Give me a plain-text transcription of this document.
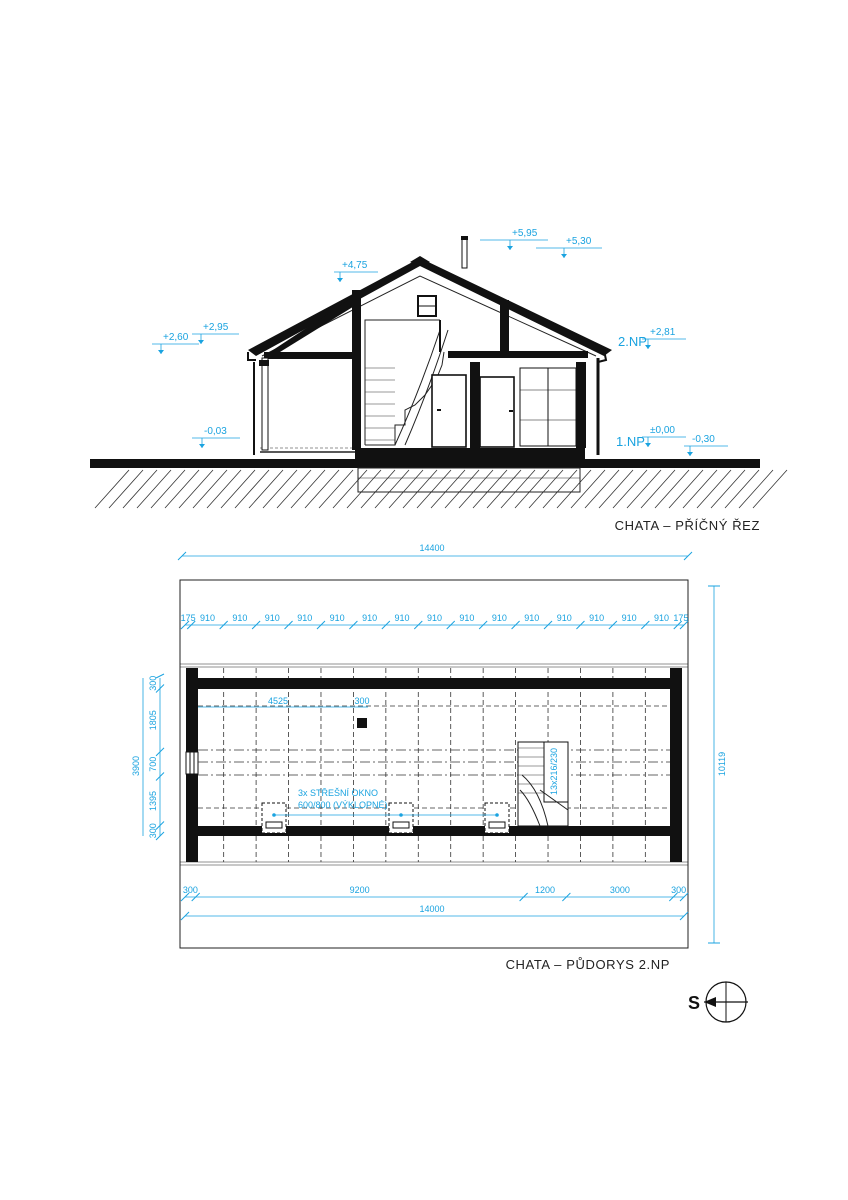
+5,95
+5,30
+4,75
+2,95
+2,60	+2,81
-0,03	±0,00
-0,30
2.NP
1.NP
CHATA – PŘÍČNÝ ŘEZ
14400
175 910 910 910 910 910 910 910 910 910 910 910 910 910 910 910 175
4525	300
3x STŘEŠNÍ OKNO
600/800 (VÝKLOPNÉ)
13x216/230
3900
300
1805
700
1395
300
10119
300	9200	1200	3000	300
14000
CHATA – PŮDORYS 2.NP
S
